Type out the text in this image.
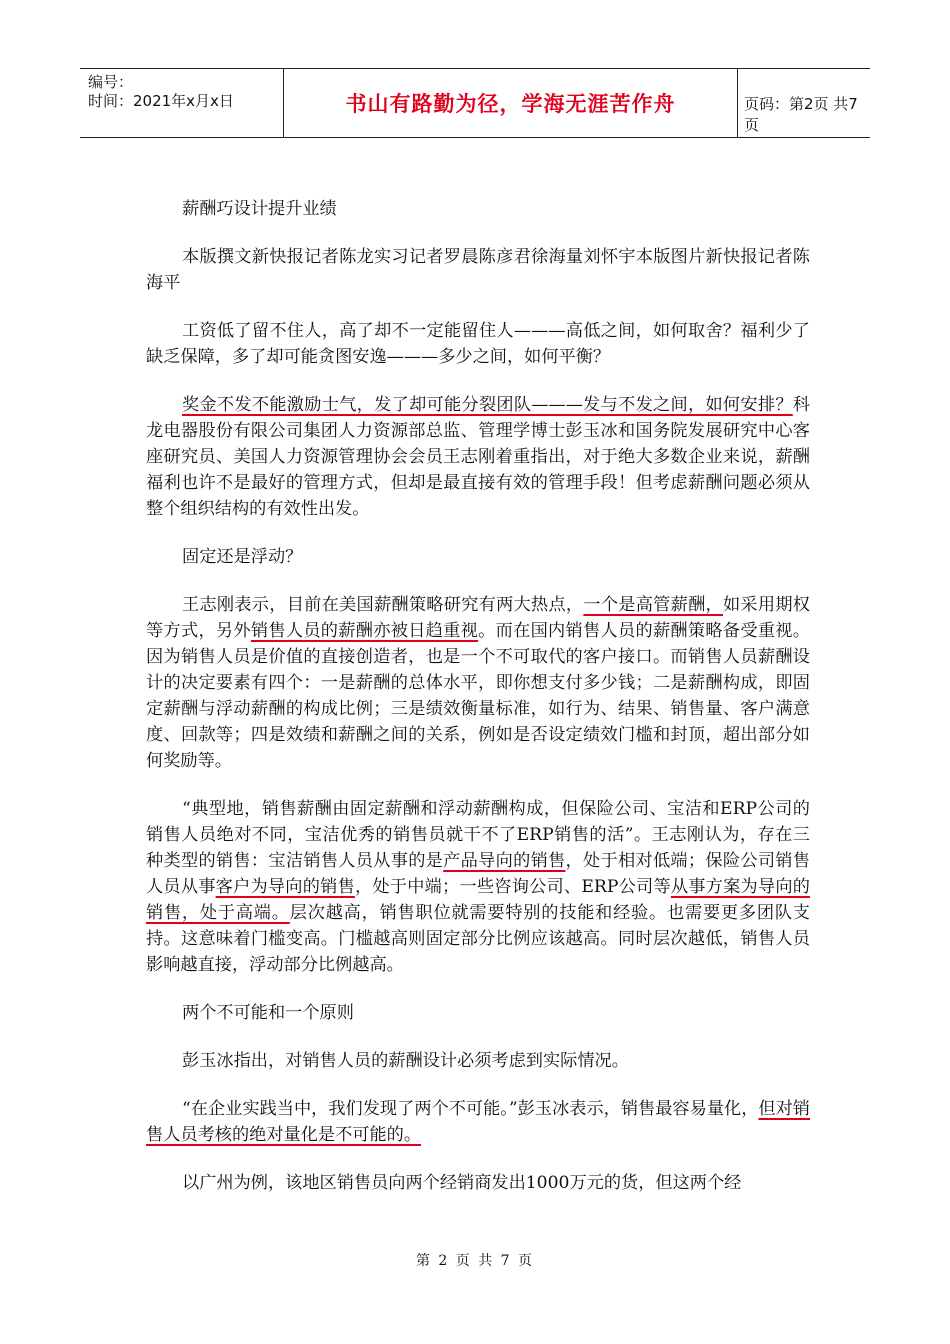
编号：
时间：2021年x月x日	书山有路勤为径，学海无涯苦作舟	页码：第2页 共7页

薪酬巧设计提升业绩

本版撰文新快报记者陈龙实习记者罗晨陈彦君徐海量刘怀宇本版图片新快报记者陈海平

工资低了留不住人，高了却不一定能留住人———高低之间，如何取舍？福利少了缺乏保障，多了却可能贪图安逸———多少之间，如何平衡？

奖金不发不能激励士气，发了却可能分裂团队———发与不发之间，如何安排？科龙电器股份有限公司集团人力资源部总监、管理学博士彭玉冰和国务院发展研究中心客座研究员、美国人力资源管理协会会员王志刚着重指出，对于绝大多数企业来说，薪酬福利也许不是最好的管理方式，但却是最直接有效的管理手段！但考虑薪酬问题必须从整个组织结构的有效性出发。

固定还是浮动？

王志刚表示，目前在美国薪酬策略研究有两大热点，一个是高管薪酬，如采用期权等方式，另外销售人员的薪酬亦被日趋重视。而在国内销售人员的薪酬策略备受重视。因为销售人员是价值的直接创造者，也是一个不可取代的客户接口。而销售人员薪酬设计的决定要素有四个：一是薪酬的总体水平，即你想支付多少钱；二是薪酬构成，即固定薪酬与浮动薪酬的构成比例；三是绩效衡量标准，如行为、结果、销售量、客户满意度、回款等；四是效绩和薪酬之间的关系，例如是否设定绩效门槛和封顶，超出部分如何奖励等。

“典型地，销售薪酬由固定薪酬和浮动薪酬构成，但保险公司、宝洁和ERP公司的销售人员绝对不同，宝洁优秀的销售员就干不了ERP销售的活”。王志刚认为，存在三种类型的销售：宝洁销售人员从事的是产品导向的销售，处于相对低端；保险公司销售人员从事客户为导向的销售，处于中端；一些咨询公司、ERP公司等从事方案为导向的销售，处于高端。层次越高，销售职位就需要特别的技能和经验。也需要更多团队支持。这意味着门槛变高。门槛越高则固定部分比例应该越高。同时层次越低，销售人员影响越直接，浮动部分比例越高。

两个不可能和一个原则

彭玉冰指出，对销售人员的薪酬设计必须考虑到实际情况。

“在企业实践当中，我们发现了两个不可能。”彭玉冰表示，销售最容易量化，但对销售人员考核的绝对量化是不可能的。

以广州为例，该地区销售员向两个经销商发出1000万元的货，但这两个经

第 2 页 共 7 页
